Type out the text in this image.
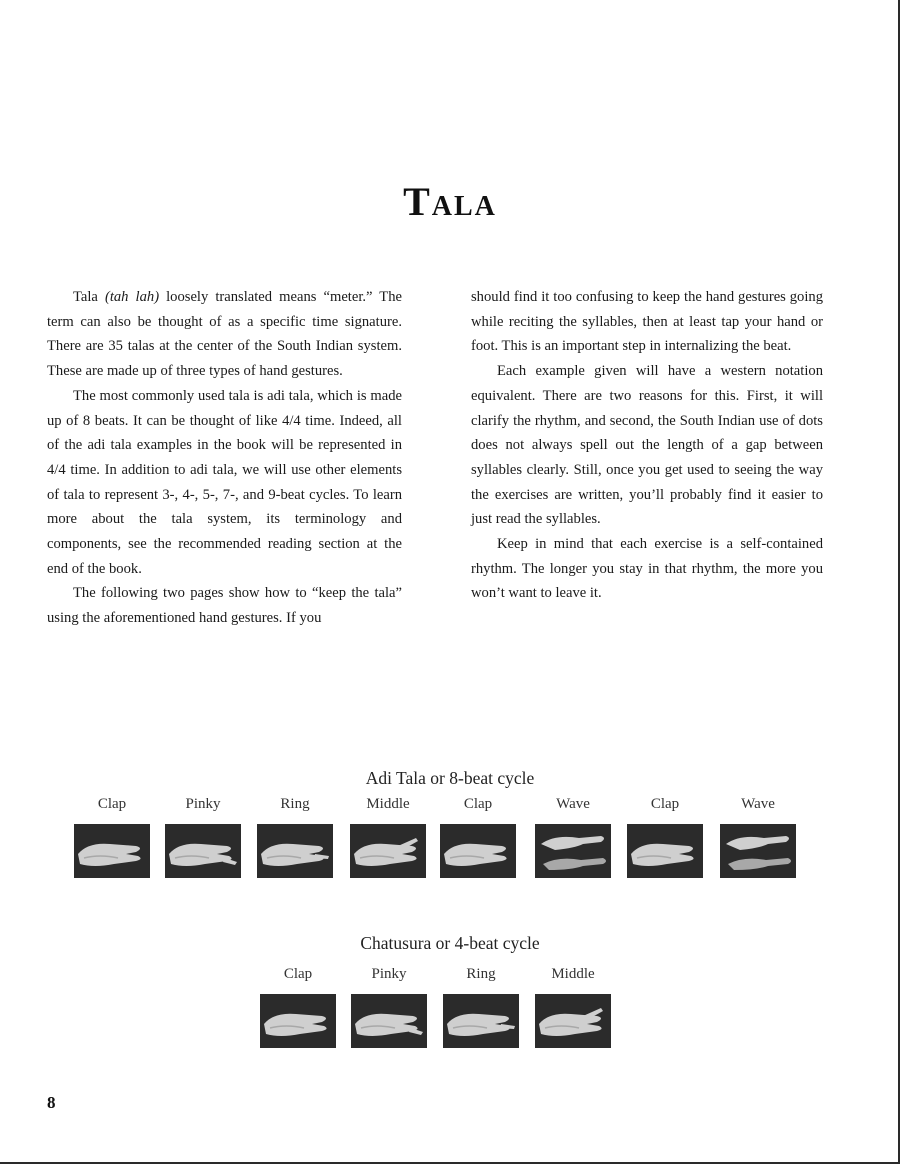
Tala

Tala (tah lah) loosely translated means “meter.” The term can also be thought of as a specific time signature. There are 35 talas at the center of the South Indian system. These are made up of three types of hand gestures.

The most commonly used tala is adi tala, which is made up of 8 beats. It can be thought of like 4/4 time. Indeed, all of the adi tala examples in the book will be represented in 4/4 time. In addition to adi tala, we will use other elements of tala to represent 3-, 4-, 5-, 7-, and 9-beat cycles. To learn more about the tala system, its terminology and components, see the recommended reading section at the end of the book.

The following two pages show how to “keep the tala” using the aforementioned hand gestures. If you

should find it too confusing to keep the hand gestures going while reciting the syllables, then at least tap your hand or foot. This is an important step in internalizing the beat.

Each example given will have a western notation equivalent. There are two reasons for this. First, it will clarify the rhythm, and second, the South Indian use of dots does not always spell out the length of a gap between syllables clearly. Still, once you get used to seeing the way the exercises are written, you’ll probably find it easier to just read the syllables.

Keep in mind that each exercise is a self-contained rhythm. The longer you stay in that rhythm, the more you won’t want to leave it.

Adi Tala or 8-beat cycle
Clap	Pinky	Ring	Middle	Clap	Wave	Clap	Wave
Chatusura or 4-beat cycle
Clap	Pinky	Ring	Middle
8
